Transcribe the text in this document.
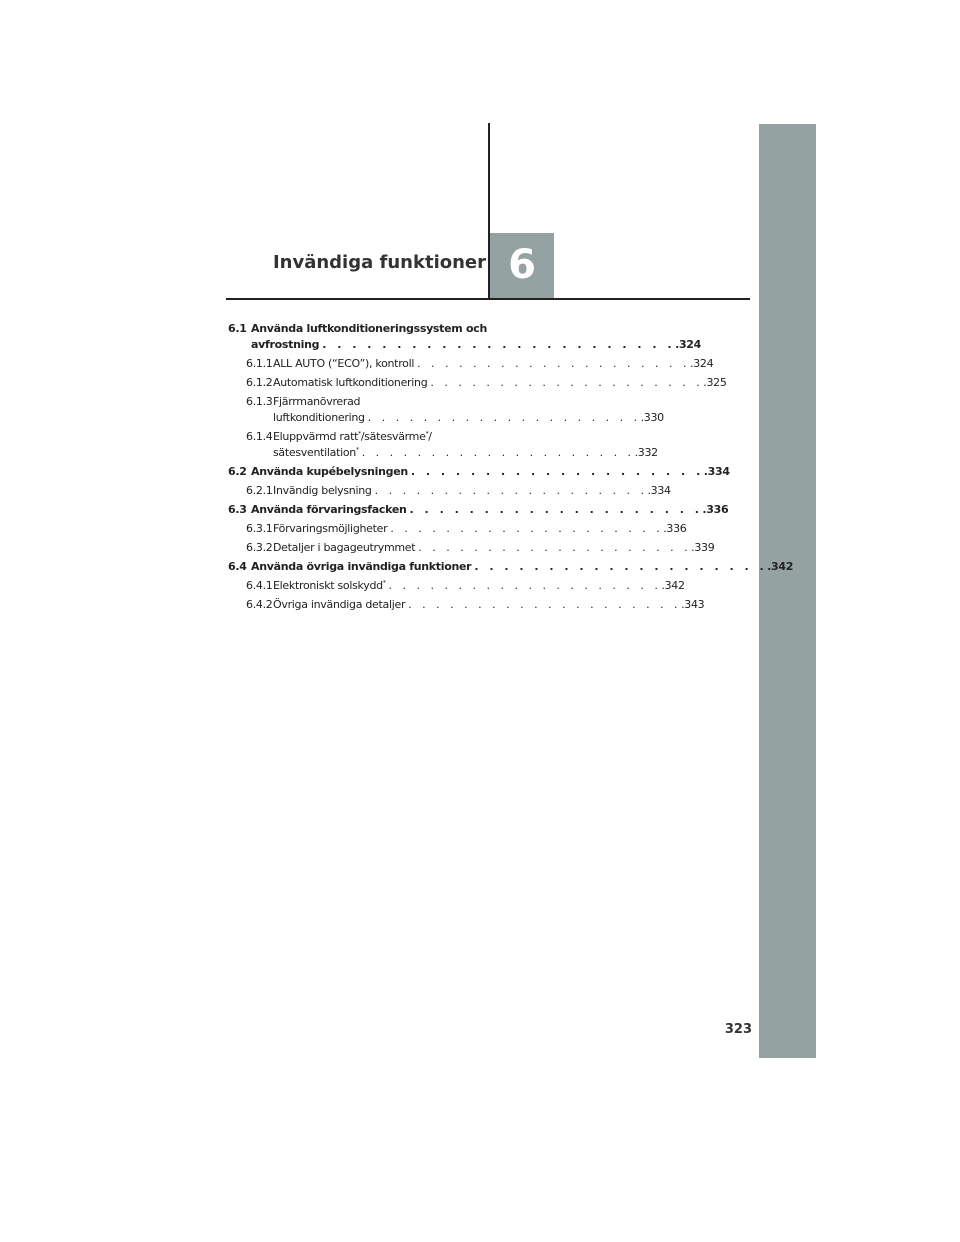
Invändiga funktioner 6
6.1 Använda luftkonditioneringssystem och
avfrostning . . . . . . . . . . . . . . . . . . . . . . . . .324
6.1.1 ALL AUTO (“ECO”), kontroll . . . . . . . . . . . . . . . . . . . . .324
6.1.2 Automatisk luftkonditionering . . . . . . . . . . . . . . . . . . . . .325
6.1.3 Fjärrmanövrerad
luftkonditionering . . . . . . . . . . . . . . . . . . . . .330
6.1.4 Eluppvärmd ratt*/sätesvärme*/
sätesventilation* . . . . . . . . . . . . . . . . . . . . .332
6.2 Använda kupébelysningen . . . . . . . . . . . . . . . . . . . . .334
6.2.1 Invändig belysning . . . . . . . . . . . . . . . . . . . . .334
6.3 Använda förvaringsfacken . . . . . . . . . . . . . . . . . . . . .336
6.3.1 Förvaringsmöjligheter . . . . . . . . . . . . . . . . . . . . .336
6.3.2 Detaljer i bagageutrymmet . . . . . . . . . . . . . . . . . . . . .339
6.4 Använda övriga invändiga funktioner . . . . . . . . . . . . . . . . . . . . .342
6.4.1 Elektroniskt solskydd* . . . . . . . . . . . . . . . . . . . . .342
6.4.2 Övriga invändiga detaljer . . . . . . . . . . . . . . . . . . . . .343
323
